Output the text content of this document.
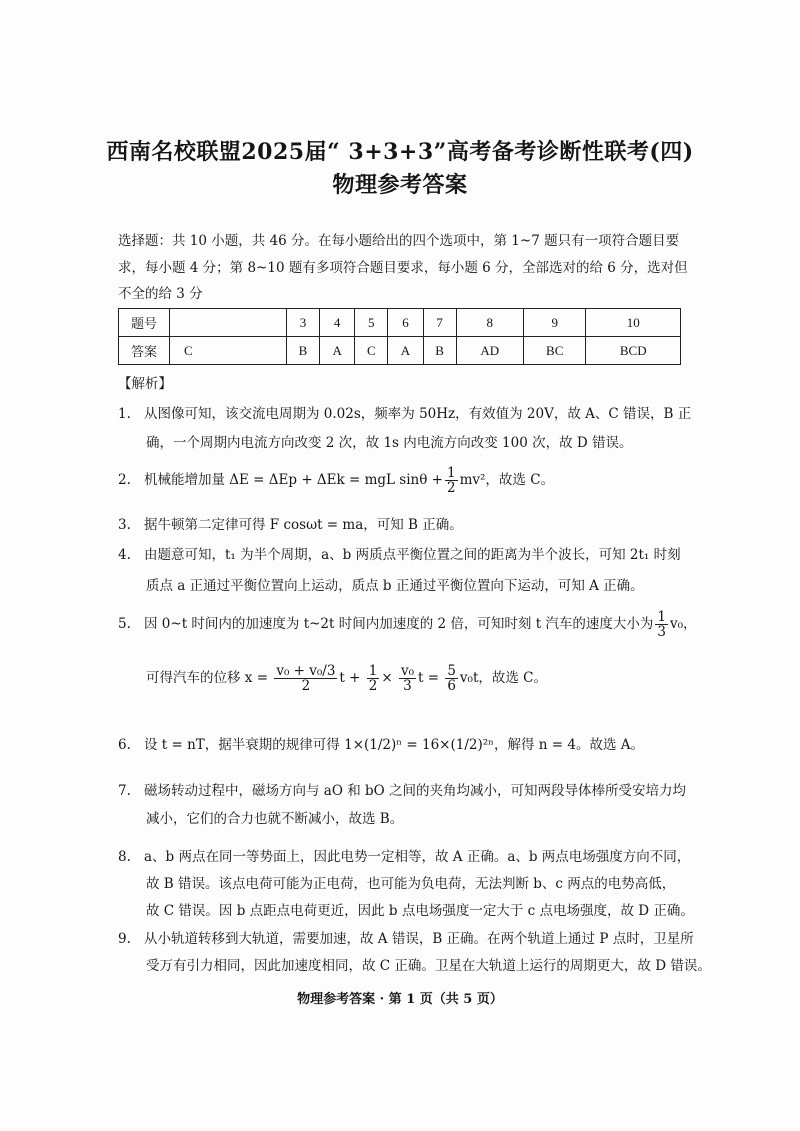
西南名校联盟2025届“ 3+3+3”高考备考诊断性联考(四)
物理参考答案
选择题：共 10 小题，共 46 分。在每小题给出的四个选项中，第 1~7 题只有一项符合题目要
求，每小题 4 分；第 8~10 题有多项符合题目要求，每小题 6 分，全部选对的给 6 分，选对但
不全的给 3 分
题号		3	4	5	6	7	8	9	10
答案	C	B	A	C	A	B	AD	BC	BCD
【解析】
1. 从图像可知，该交流电周期为 0.02s，频率为 50Hz，有效值为 20V，故 A、C 错误，B 正
确，一个周期内电流方向改变 2 次，故 1s 内电流方向改变 100 次，故 D 错误。
2. 机械能增加量 ΔE = ΔEp + ΔEk = mgL $\sin\theta + \frac{1}{2} mv^2$，故选 C。
3. 据牛顿第二定律可得 F cosωt = ma，可知 B 正确。
4. 由题意可知，t₁ 为半个周期，a、b 两质点平衡位置之间的距离为半个波长，可知 2t₁ 时刻
质点 a 正通过平衡位置向上运动，质点 b 正通过平衡位置向下运动，可知 A 正确。
5. 因 0~t 时间内的加速度为 t~2t 时间内加速度的 2 倍，可知时刻 t 汽车的速度大小为 $\frac{1}{3} v_0$，
可得汽车的位移 $x = \frac{\text{v₀ + v₀/3}}{2}$ $t + \frac{1}{2} \times \frac{\text{v₀}}{3}$ $t = \frac{5}{6} v_0t$，故选 C。
6. 设 t = nT，据半衰期的规律可得 1×(1/2)ⁿ = 16×(1/2)²ⁿ，解得 n = 4。故选 A。
7. 磁场转动过程中，磁场方向与 aO 和 bO 之间的夹角均减小，可知两段导体棒所受安培力均
减小，它们的合力也就不断减小，故选 B。
8. a、b 两点在同一等势面上，因此电势一定相等，故 A 正确。a、b 两点电场强度方向不同，
故 B 错误。该点电荷可能为正电荷，也可能为负电荷，无法判断 b、c 两点的电势高低，
故 C 错误。因 b 点距点电荷更近，因此 b 点电场强度一定大于 c 点电场强度，故 D 正确。
9. 从小轨道转移到大轨道，需要加速，故 A 错误，B 正确。在两个轨道上通过 P 点时，卫星所
受万有引力相同，因此加速度相同，故 C 正确。卫星在大轨道上运行的周期更大，故 D 错误。
物理参考答案 · 第 1 页（共 5 页）
